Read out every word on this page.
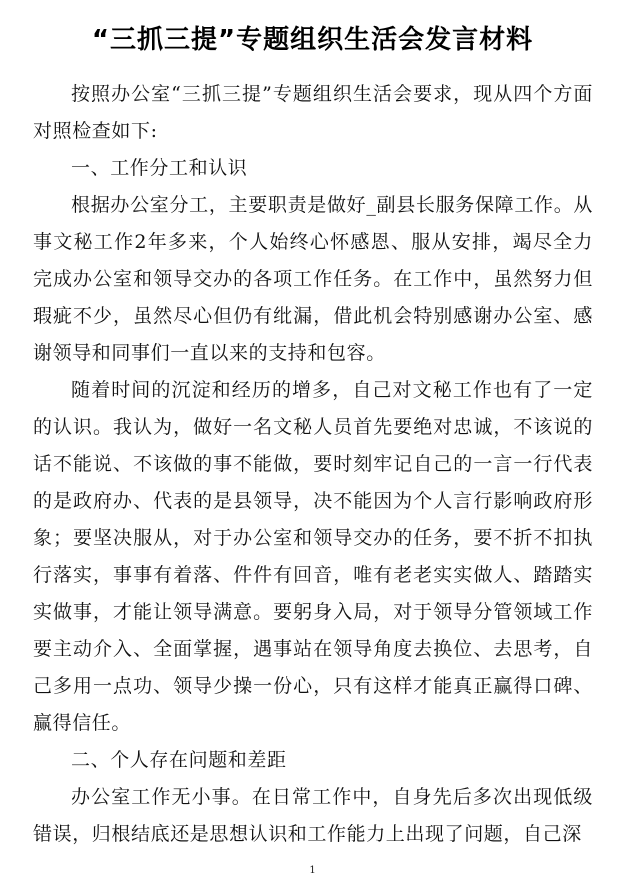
“三抓三提”专题组织生活会发言材料

按照办公室“三抓三提”专题组织生活会要求，现从四个方面对照检查如下:

一、工作分工和认识

根据办公室分工，主要职责是做好_副县长服务保障工作。从事文秘工作2年多来，个人始终心怀感恩、服从安排，竭尽全力完成办公室和领导交办的各项工作任务。在工作中，虽然努力但瑕疵不少，虽然尽心但仍有纰漏，借此机会特别感谢办公室、感谢领导和同事们一直以来的支持和包容。

随着时间的沉淀和经历的增多，自己对文秘工作也有了一定的认识。我认为，做好一名文秘人员首先要绝对忠诚，不该说的话不能说、不该做的事不能做，要时刻牢记自己的一言一行代表的是政府办、代表的是县领导，决不能因为个人言行影响政府形象；要坚决服从，对于办公室和领导交办的任务，要不折不扣执行落实，事事有着落、件件有回音，唯有老老实实做人、踏踏实实做事，才能让领导满意。要躬身入局，对于领导分管领域工作要主动介入、全面掌握，遇事站在领导角度去换位、去思考，自己多用一点功、领导少操一份心，只有这样才能真正赢得口碑、赢得信任。

二、个人存在问题和差距

办公室工作无小事。在日常工作中，自身先后多次出现低级错误，归根结底还是思想认识和工作能力上出现了问题，自己深

1
